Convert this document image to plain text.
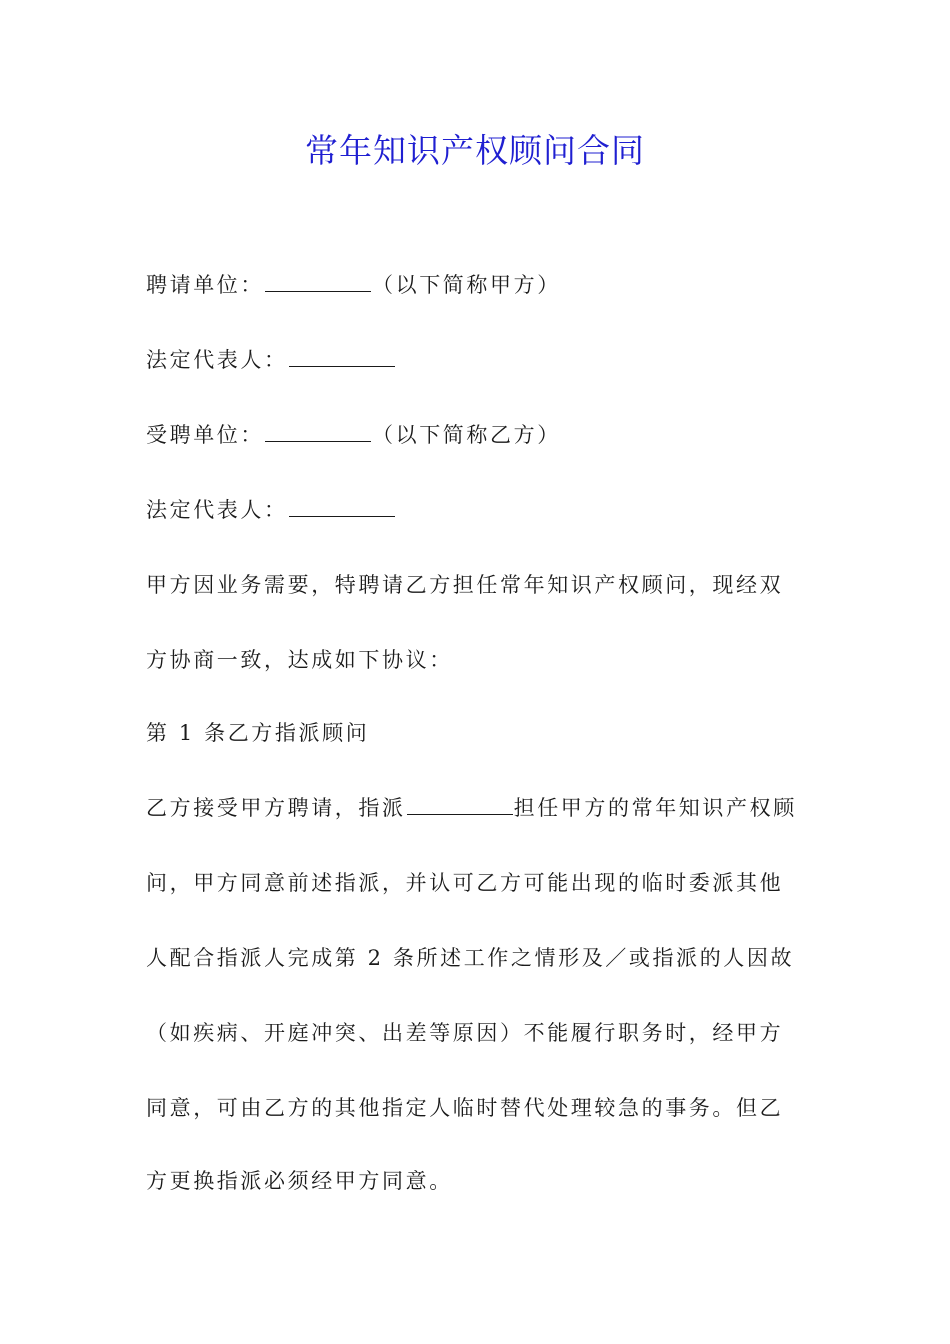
常年知识产权顾问合同
聘请单位：	（以下简称甲方）
法定代表人：
受聘单位：	（以下简称乙方）
法定代表人：
甲方因业务需要，特聘请乙方担任常年知识产权顾问，现经双
方协商一致，达成如下协议：
第 1 条乙方指派顾问
乙方接受甲方聘请，指派	担任甲方的常年知识产权顾
问，甲方同意前述指派，并认可乙方可能出现的临时委派其他
人配合指派人完成第 2 条所述工作之情形及／或指派的人因故
（如疾病、开庭冲突、出差等原因）不能履行职务时，经甲方
同意，可由乙方的其他指定人临时替代处理较急的事务。但乙
方更换指派必须经甲方同意。
